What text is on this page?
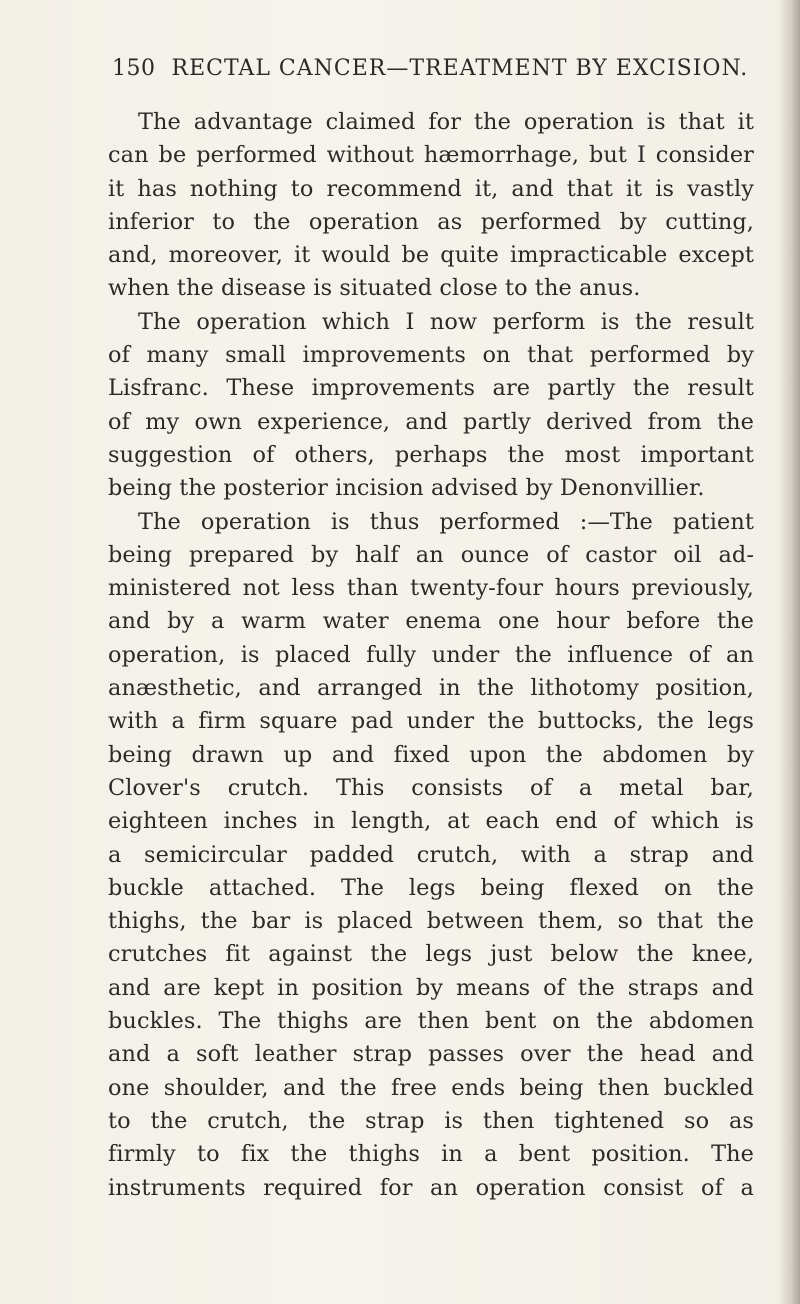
150 RECTAL CANCER—TREATMENT BY EXCISION.
The advantage claimed for the operation is that it
can be performed without hæmorrhage, but I consider
it has nothing to recommend it, and that it is vastly
inferior to the operation as performed by cutting,
and, moreover, it would be quite impracticable except
when the disease is situated close to the anus.
The operation which I now perform is the result
of many small improvements on that performed by
Lisfranc. These improvements are partly the result
of my own experience, and partly derived from the
suggestion of others, perhaps the most important
being the posterior incision advised by Denonvillier.
The operation is thus performed :—The patient
being prepared by half an ounce of castor oil ad-
ministered not less than twenty-four hours previously,
and by a warm water enema one hour before the
operation, is placed fully under the influence of an
anæsthetic, and arranged in the lithotomy position,
with a firm square pad under the buttocks, the legs
being drawn up and fixed upon the abdomen by
Clover's crutch. This consists of a metal bar,
eighteen inches in length, at each end of which is
a semicircular padded crutch, with a strap and
buckle attached. The legs being flexed on the
thighs, the bar is placed between them, so that the
crutches fit against the legs just below the knee,
and are kept in position by means of the straps and
buckles. The thighs are then bent on the abdomen
and a soft leather strap passes over the head and
one shoulder, and the free ends being then buckled
to the crutch, the strap is then tightened so as
firmly to fix the thighs in a bent position. The
instruments required for an operation consist of a
